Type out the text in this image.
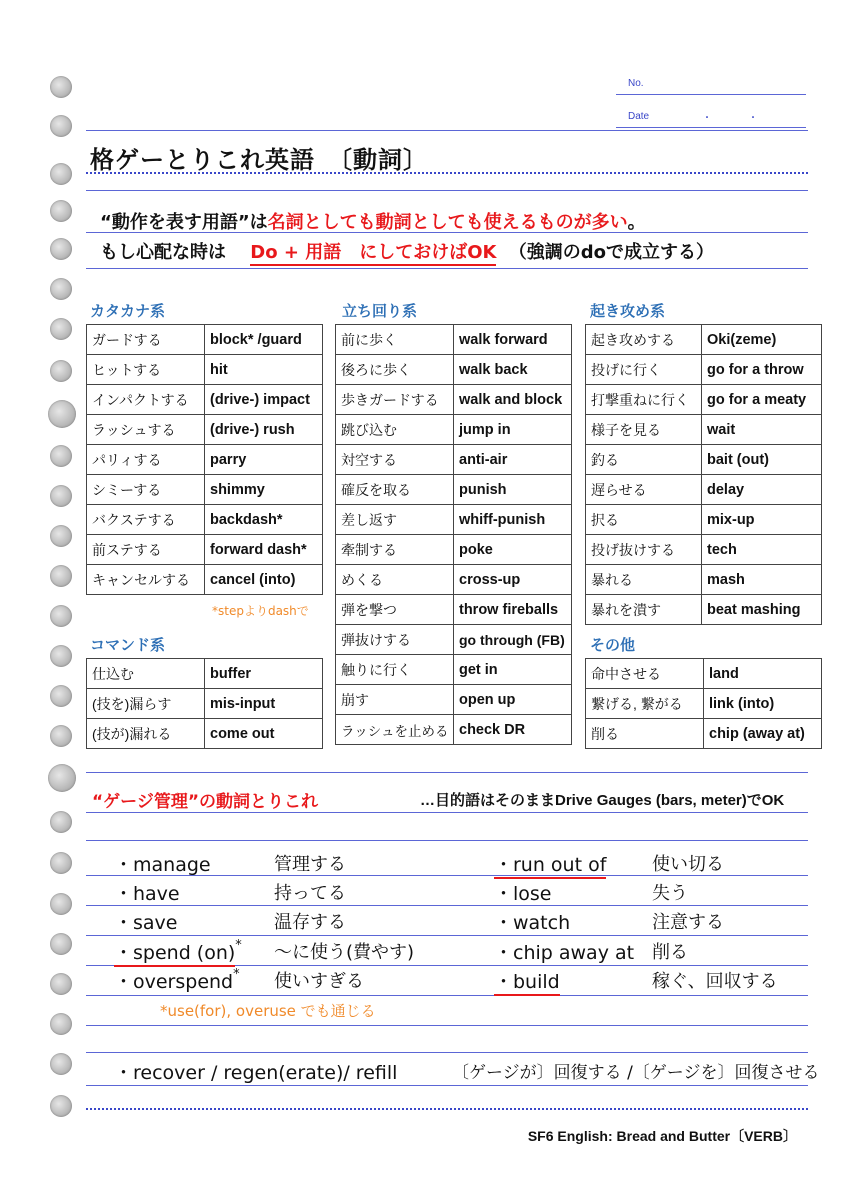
No.
Date	・	・
格ゲーとりこれ英語　〔動詞〕
“動作を表す用語”は名詞としても動詞としても使えるものが多い。
もし心配な時は Do + 用語　にしておけばOK （強調のdoで成立する）
カタカナ系	立ち回り系	起き攻め系
コマンド系	その他
ガードする	block* /guard
ヒットする	hit
インパクトする	(drive-) impact
ラッシュする	(drive-) rush
パリィする	parry
シミーする	shimmy
バクステする	backdash*
前ステする	forward dash*
キャンセルする	cancel (into)
*stepよりdashで
仕込む	buffer
(技を)漏らす	mis-input
(技が)漏れる	come out
前に歩く	walk forward
後ろに歩く	walk back
歩きガードする	walk and block
跳び込む	jump in
対空する	anti-air
確反を取る	punish
差し返す	whiff-punish
牽制する	poke
めくる	cross-up
弾を撃つ	throw fireballs
弾抜けする	go through (FB)
触りに行く	get in
崩す	open up
ラッシュを止める	check DR
起き攻めする	Oki(zeme)
投げに行く	go for a throw
打撃重ねに行く	go for a meaty
様子を見る	wait
釣る	bait (out)
遅らせる	delay
択る	mix-up
投げ抜けする	tech
暴れる	mash
暴れを潰す	beat mashing
命中させる	land
繋げる, 繋がる	link (into)
削る	chip (away at)
“ゲージ管理”の動詞とりこれ	…目的語はそのままDrive Gauges (bars, meter)でOK
・manage	管理する
・have	持ってる
・save	温存する
・spend (on)* ～に使う(費やす)
・overspend* 使いすぎる
・run out of	使い切る
・lose	失う
・watch	注意する
・chip away at 削る
・build	稼ぐ、回収する
*use(for), overuse でも通じる
・recover / regen(erate)/ refill	〔ゲージが〕回復する /〔ゲージを〕回復させる
SF6 English: Bread and Butter〔VERB〕
